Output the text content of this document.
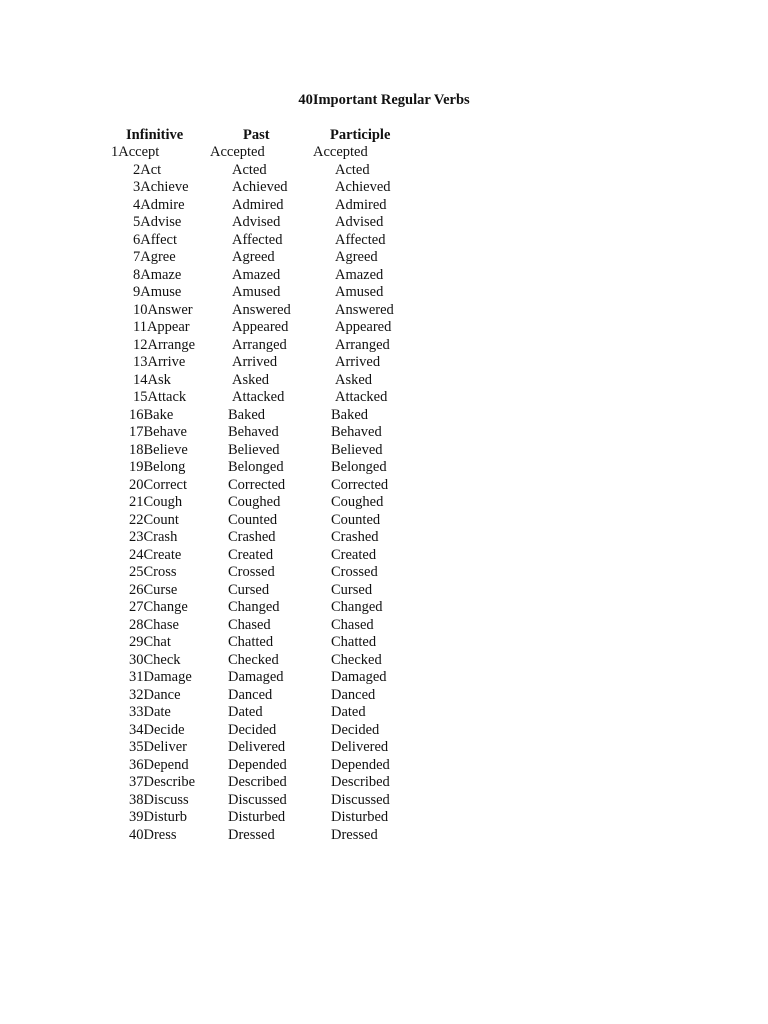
40Important Regular Verbs
Infinitive	Past	Participle
1Accept	Accepted	Accepted
2Act	Acted	Acted
3Achieve	Achieved	Achieved
4Admire	Admired	Admired
5Advise	Advised	Advised
6Affect	Affected	Affected
7Agree	Agreed	Agreed
8Amaze	Amazed	Amazed
9Amuse	Amused	Amused
10Answer	Answered	Answered
11Appear	Appeared	Appeared
12Arrange	Arranged	Arranged
13Arrive	Arrived	Arrived
14Ask	Asked	Asked
15Attack	Attacked	Attacked
16Bake	Baked	Baked
17Behave	Behaved	Behaved
18Believe	Believed	Believed
19Belong	Belonged	Belonged
20Correct	Corrected	Corrected
21Cough	Coughed	Coughed
22Count	Counted	Counted
23Crash	Crashed	Crashed
24Create	Created	Created
25Cross	Crossed	Crossed
26Curse	Cursed	Cursed
27Change	Changed	Changed
28Chase	Chased	Chased
29Chat	Chatted	Chatted
30Check	Checked	Checked
31Damage Damaged	Damaged
32Dance	Danced	Danced
33Date	Dated	Dated
34Decide	Decided	Decided
35Deliver	Delivered	Delivered
36Depend	Depended	Depended
37Describe Described	Described
38Discuss	Discussed	Discussed
39Disturb	Disturbed	Disturbed
40Dress	Dressed	Dressed
